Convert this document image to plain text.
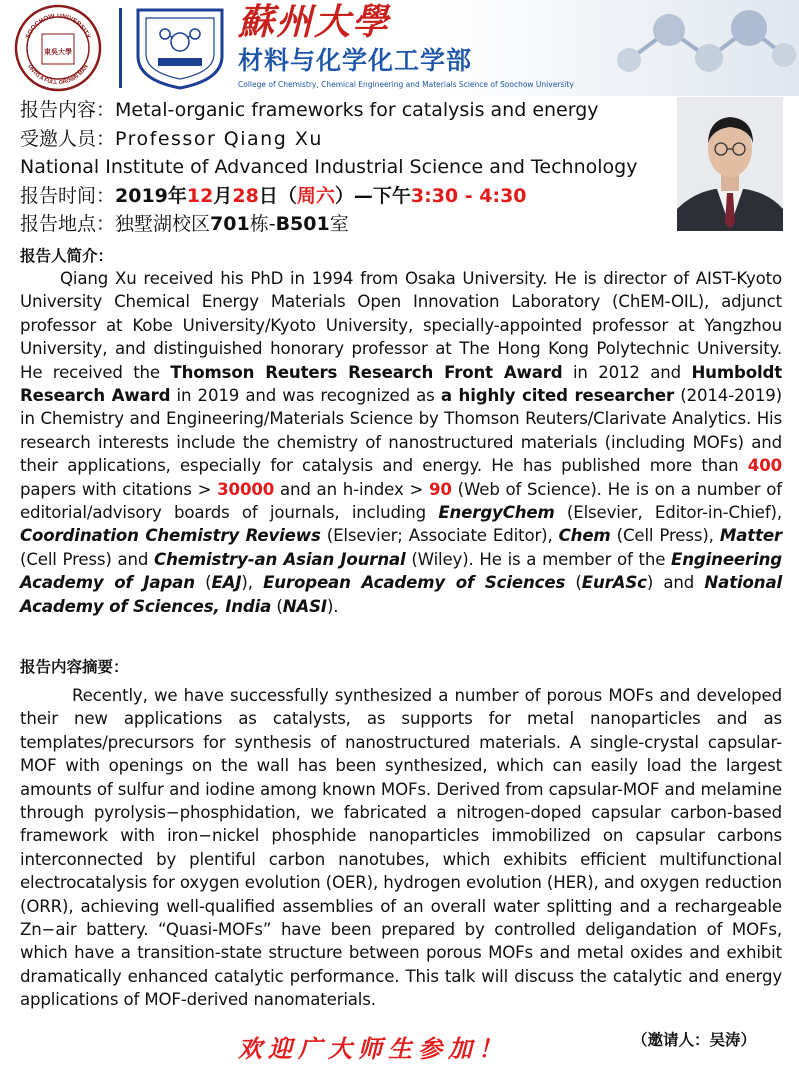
SOOCHOW UNIVERSITY
UNTO A FULL GROWN MAN
東吳大學
蘇州大學
材料与化学化工学部
College of Chemistry, Chemical Engineering and Materials Science of Soochow University
报告内容：Metal-organic frameworks for catalysis and energy
受邀人员：Professor Qiang Xu
National Institute of Advanced Industrial Science and Technology
报告时间：2019年12月28日（周六）—下午3:30 - 4:30
报告地点：独墅湖校区701栋-B501室
报告人简介：
Qiang Xu received his PhD in 1994 from Osaka University. He is director of AIST-Kyoto University Chemical Energy Materials Open Innovation Laboratory (ChEM-OIL), adjunct professor at Kobe University/Kyoto University, specially-appointed professor at Yangzhou University, and distinguished honorary professor at The Hong Kong Polytechnic University. He received the Thomson Reuters Research Front Award in 2012 and Humboldt Research Award in 2019 and was recognized as a highly cited researcher (2014-2019) in Chemistry and Engineering/Materials Science by Thomson Reuters/Clarivate Analytics. His research interests include the chemistry of nanostructured materials (including MOFs) and their applications, especially for catalysis and energy. He has published more than 400 papers with citations > 30000 and an h-index > 90 (Web of Science). He is on a number of editorial/advisory boards of journals, including EnergyChem (Elsevier, Editor-in-Chief), Coordination Chemistry Reviews (Elsevier; Associate Editor), Chem (Cell Press), Matter (Cell Press) and Chemistry-an Asian Journal (Wiley). He is a member of the Engineering Academy of Japan (EAJ), European Academy of Sciences (EurASc) and National Academy of Sciences, India (NASI).
报告内容摘要：
Recently, we have successfully synthesized a number of porous MOFs and developed their new applications as catalysts, as supports for metal nanoparticles and as templates/precursors for synthesis of nanostructured materials. A single-crystal capsular-MOF with openings on the wall has been synthesized, which can easily load the largest amounts of sulfur and iodine among known MOFs. Derived from capsular-MOF and melamine through pyrolysis−phosphidation, we fabricated a nitrogen-doped capsular carbon-based framework with iron−nickel phosphide nanoparticles immobilized on capsular carbons interconnected by plentiful carbon nanotubes, which exhibits eﬃcient multifunctional electrocatalysis for oxygen evolution (OER), hydrogen evolution (HER), and oxygen reduction (ORR), achieving well-qualiﬁed assemblies of an overall water splitting and a rechargeable Zn−air battery. “Quasi-MOFs” have been prepared by controlled deligandation of MOFs, which have a transition-state structure between porous MOFs and metal oxides and exhibit dramatically enhanced catalytic performance. This talk will discuss the catalytic and energy applications of MOF-derived nanomaterials.
欢迎广大师生参加！	（邀请人：吴涛）
